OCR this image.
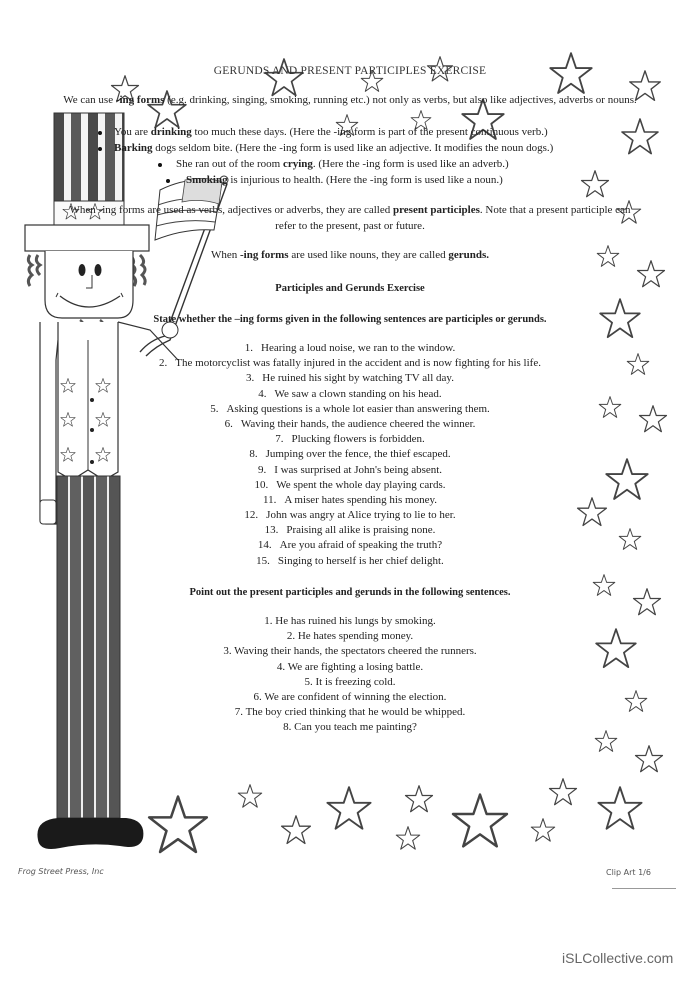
GERUNDS AND PRESENT PARTICIPLES EXERCISE
We can use -ing forms (e.g. drinking, singing, smoking, running etc.) not only as verbs, but also like adjectives, adverbs or nouns.
You are drinking too much these days. (Here the -ing form is part of the present continuous verb.)
Barking dogs seldom bite. (Here the -ing form is used like an adjective. It modifies the noun dogs.)
She ran out of the room crying. (Here the -ing form is used like an adverb.)
Smoking is injurious to health. (Here the -ing form is used like a noun.)
When -ing forms are used as verbs, adjectives or adverbs, they are called present participles. Note that a present participle can
refer to the present, past or future.
When -ing forms are used like nouns, they are called gerunds.
Participles and Gerunds Exercise
State whether the –ing forms given in the following sentences are participles or gerunds.
1. Hearing a loud noise, we ran to the window.
2. The motorcyclist was fatally injured in the accident and is now fighting for his life.
3. He ruined his sight by watching TV all day.
4. We saw a clown standing on his head.
5. Asking questions is a whole lot easier than answering them.
6. Waving their hands, the audience cheered the winner.
7. Plucking flowers is forbidden.
8. Jumping over the fence, the thief escaped.
9. I was surprised at John's being absent.
10. We spent the whole day playing cards.
11. A miser hates spending his money.
12. John was angry at Alice trying to lie to her.
13. Praising all alike is praising none.
14. Are you afraid of speaking the truth?
15. Singing to herself is her chief delight.
Point out the present participles and gerunds in the following sentences.
1. He has ruined his lungs by smoking.
2. He hates spending money.
3. Waving their hands, the spectators cheered the runners.
4. We are fighting a losing battle.
5. It is freezing cold.
6. We are confident of winning the election.
7. The boy cried thinking that he would be whipped.
8. Can you teach me painting?
Frog Street Press, Inc	Clip Art 1/6
iSLCollective.com
